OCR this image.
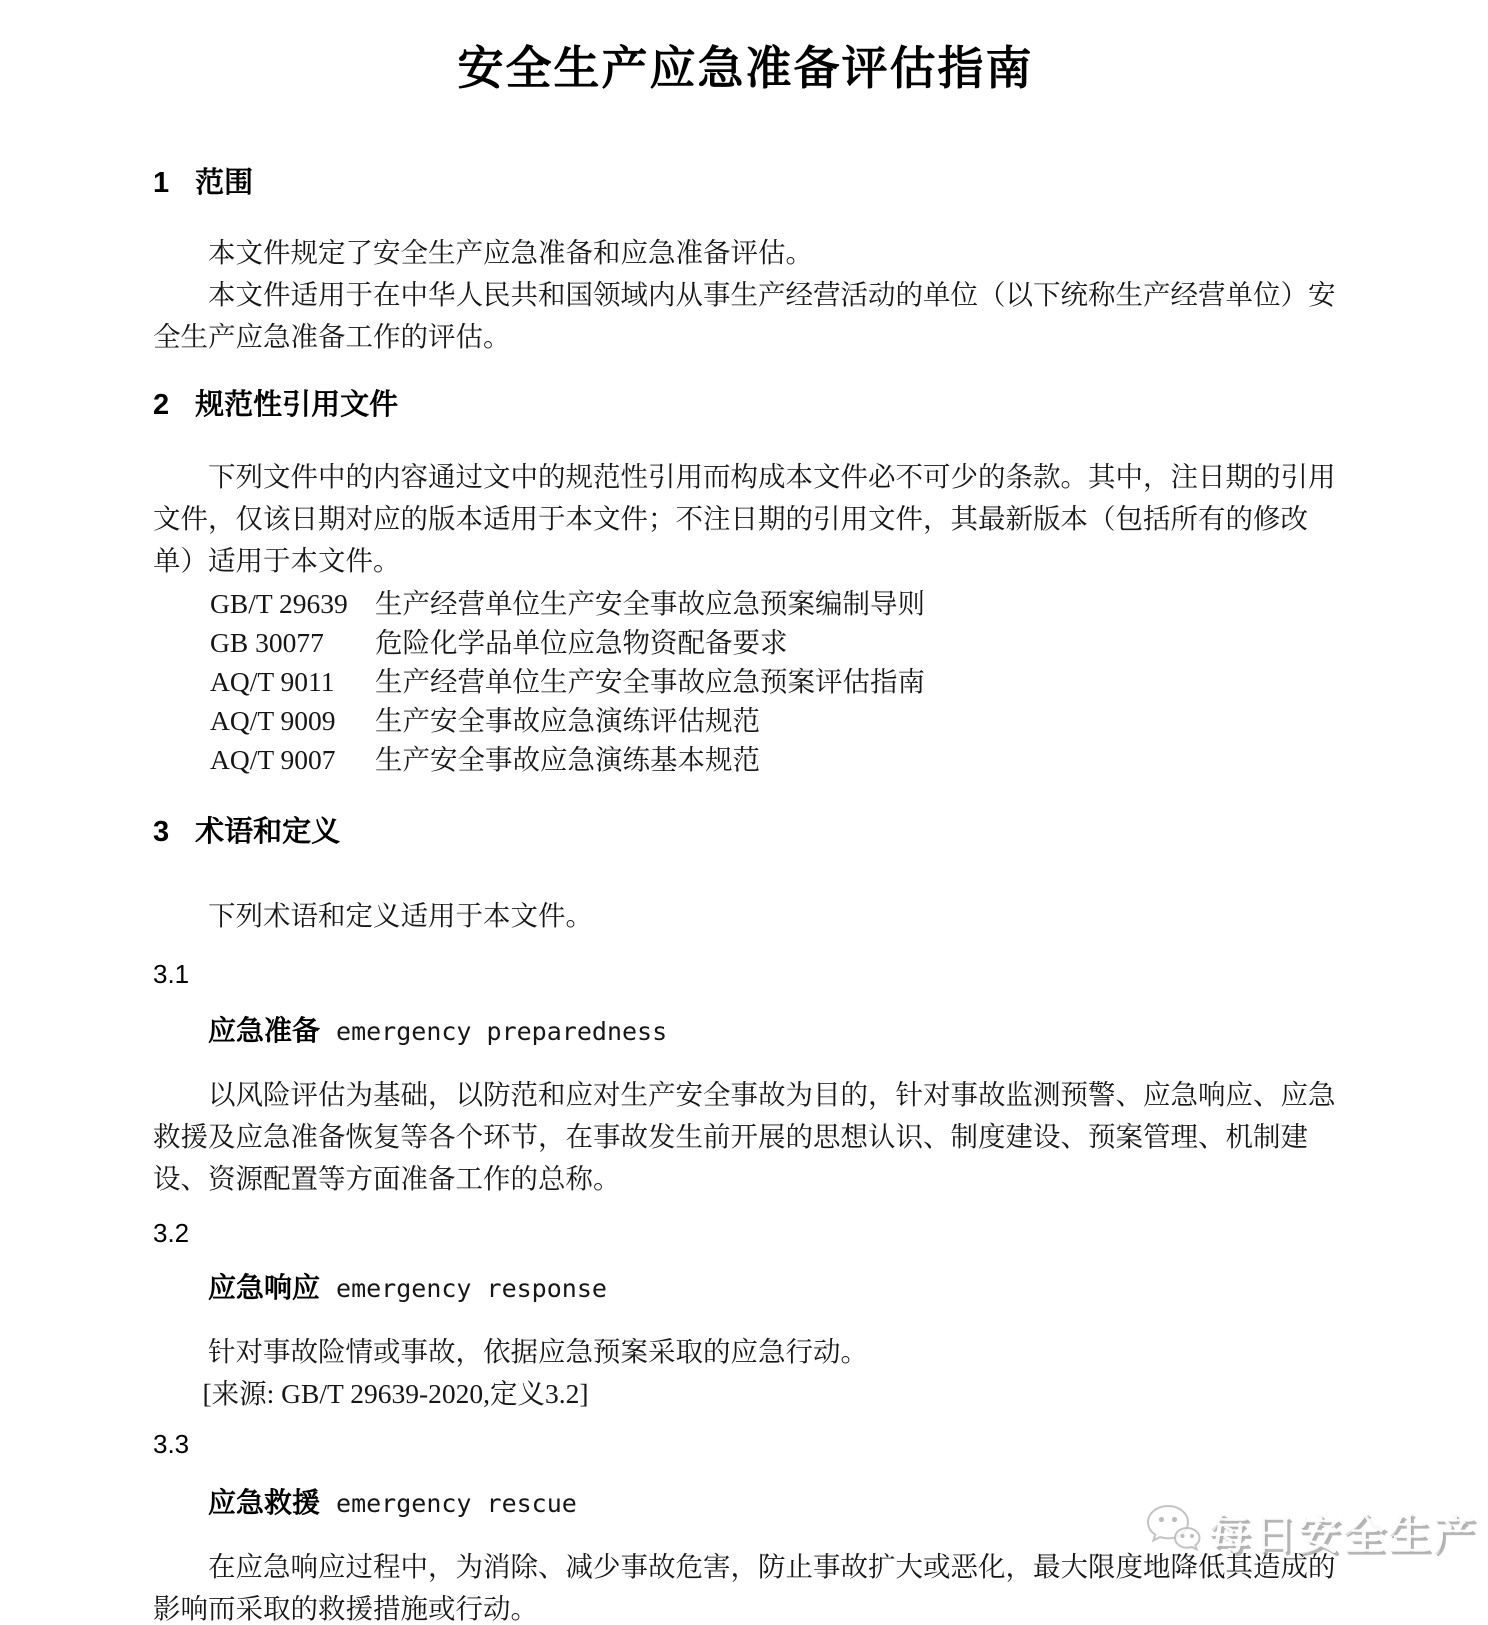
安全生产应急准备评估指南
1 范围

本文件规定了安全生产应急准备和应急准备评估。

本文件适用于在中华人民共和国领域内从事生产经营活动的单位（以下统称生产经营单位）安全生产应急准备工作的评估。

2 规范性引用文件

下列文件中的内容通过文中的规范性引用而构成本文件必不可少的条款。其中，注日期的引用文件，仅该日期对应的版本适用于本文件；不注日期的引用文件，其最新版本（包括所有的修改单）适用于本文件。

GB/T 29639 生产经营单位生产安全事故应急预案编制导则
GB 30077	危险化学品单位应急物资配备要求
AQ/T 9011	生产经营单位生产安全事故应急预案评估指南
AQ/T 9009	生产安全事故应急演练评估规范
AQ/T 9007	生产安全事故应急演练基本规范
3 术语和定义

下列术语和定义适用于本文件。

3.1
应急准备 emergency preparedness

以风险评估为基础，以防范和应对生产安全事故为目的，针对事故监测预警、应急响应、应急救援及应急准备恢复等各个环节，在事故发生前开展的思想认识、制度建设、预案管理、机制建设、资源配置等方面准备工作的总称。

3.2
应急响应 emergency response

针对事故险情或事故，依据应急预案采取的应急行动。

[来源: GB/T 29639-2020,定义3.2]

3.3
应急救援 emergency rescue

在应急响应过程中，为消除、减少事故危害，防止事故扩大或恶化，最大限度地降低其造成的影响而采取的救援措施或行动。

每日安全生产
